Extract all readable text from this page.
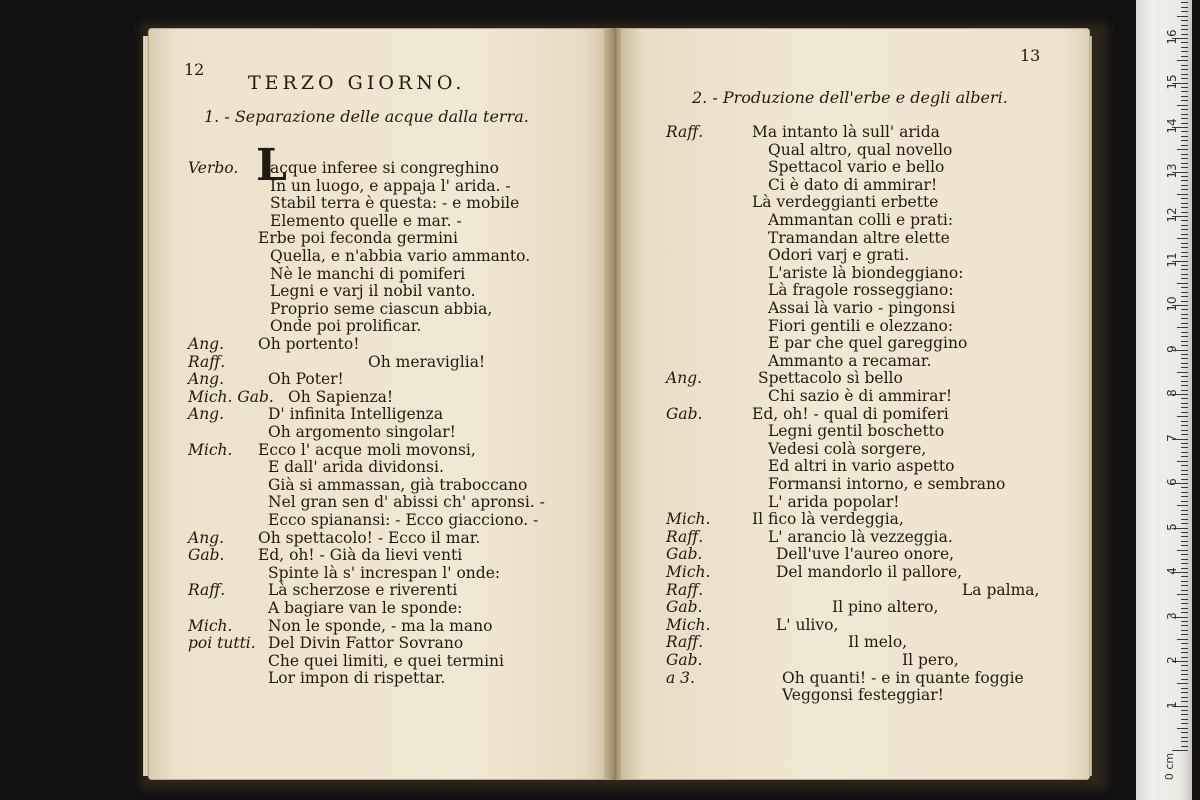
12
TERZO GIORNO.
1. - Separazione delle acque dalla terra.
L
Verbo. acque inferee si congreghino
In un luogo, e appaja l' arida. -
Stabil terra è questa: - e mobile
Elemento quelle e mar. -
Erbe poi feconda germini
Quella, e n'abbia vario ammanto.
Nè le manchi di pomiferi
Legni e varj il nobil vanto.
Proprio seme ciascun abbia,
Onde poi prolificar.
Ang. Oh portento!
Raff.	Oh meraviglia!
Ang.	Oh Poter!
Mich. Gab. Oh Sapienza!
Ang.	D' infinita Intelligenza
Oh argomento singolar!
Mich. Ecco l' acque moli movonsi,
E dall' arida dividonsi.
Già si ammassan, già traboccano
Nel gran sen d' abissi ch' apronsi. -
Ecco spianansi: - Ecco giacciono. -
Ang. Oh spettacolo! - Ecco il mar.
Gab. Ed, oh! - Già da lievi venti
Spinte là s' increspan l' onde:
Raff.	Là scherzose e riverenti
A bagiare van le sponde:
Mich. Non le sponde, - ma la mano
poi tutti. Del Divin Fattor Sovrano
Che quei limiti, e quei termini
Lor impon di rispettar.
13
2. - Produzione dell'erbe e degli alberi.
Raff.	Ma intanto là sull' arida
Qual altro, qual novello
Spettacol vario e bello
Ci è dato di ammirar!
Là verdeggianti erbette
Ammantan colli e prati:
Tramandan altre elette
Odori varj e grati.
L'ariste là biondeggiano:
Là fragole rosseggiano:
Assai là vario - pingonsi
Fiori gentili e olezzano:
E par che quel gareggino
Ammanto a recamar.
Ang.	Spettacolo sì bello
Chi sazio è di ammirar!
Gab.	Ed, oh! - qual di pomiferi
Legni gentil boschetto
Vedesi colà sorgere,
Ed altri in vario aspetto
Formansi intorno, e sembrano
L' arida popolar!
Mich.	Il fico là verdeggia,
Raff.	L' arancio là vezzeggia.
Gab.	Dell'uve l'aureo onore,
Mich.	Del mandorlo il pallore,
Raff.	La palma,
Gab.	Il pino altero,
Mich.	L' ulivo,
Raff.	Il melo,
Gab.	Il pero,
a 3.	Oh quanti! - e in quante foggie
Veggonsi festeggiar!
16
15
14
13
12
11
10
9
8
7
6
5
4
3
2
1
0 cm
